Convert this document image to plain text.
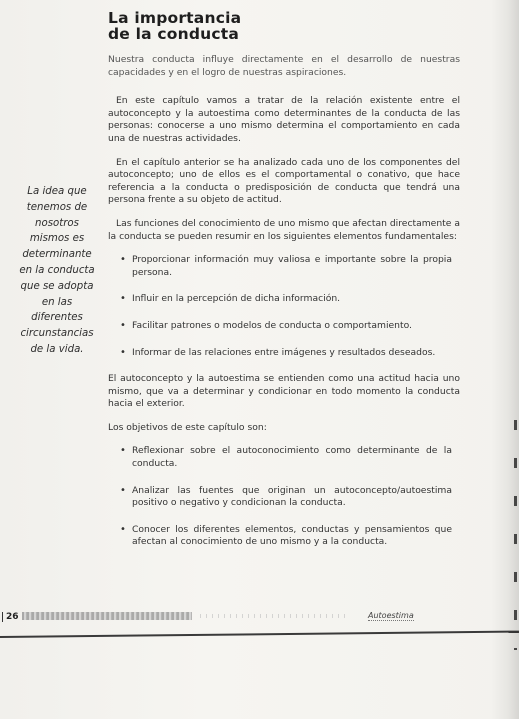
La importancia
de la conducta
La idea que
tenemos de
nosotros
mismos es
determinante
en la conducta
que se adopta
en las
diferentes
circunstancias
de la vida.

Nuestra conducta influye directamente en el desarrollo de nuestras capacidades y en el logro de nuestras aspiraciones.

En este capítulo vamos a tratar de la relación existente entre el autoconcepto y la autoestima como determinantes de la conducta de las personas: conocerse a uno mismo determina el comportamiento en cada una de nuestras actividades.

En el capítulo anterior se ha analizado cada uno de los componentes del autoconcepto; uno de ellos es el comportamental o conativo, que hace referencia a la conducta o predisposición de conducta que tendrá una persona frente a su objeto de actitud.

Las funciones del conocimiento de uno mismo que afectan directamente a la conducta se pueden resumir en los siguientes elementos fundamentales:

• Proporcionar información muy valiosa e importante sobre la propia persona.
• Influir en la percepción de dicha información.
• Facilitar patrones o modelos de conducta o comportamiento.
• Informar de las relaciones entre imágenes y resultados deseados.

El autoconcepto y la autoestima se entienden como una actitud hacia uno mismo, que va a determinar y condicionar en todo momento la conducta hacia el exterior.

Los objetivos de este capítulo son:

• Reflexionar sobre el autoconocimiento como determinante de la conducta.
• Analizar las fuentes que originan un autoconcepto/autoestima positivo o negativo y condicionan la conducta.
• Conocer los diferentes elementos, conductas y pensamientos que afectan al conocimiento de uno mismo y a la conducta.
26	Autoestima
